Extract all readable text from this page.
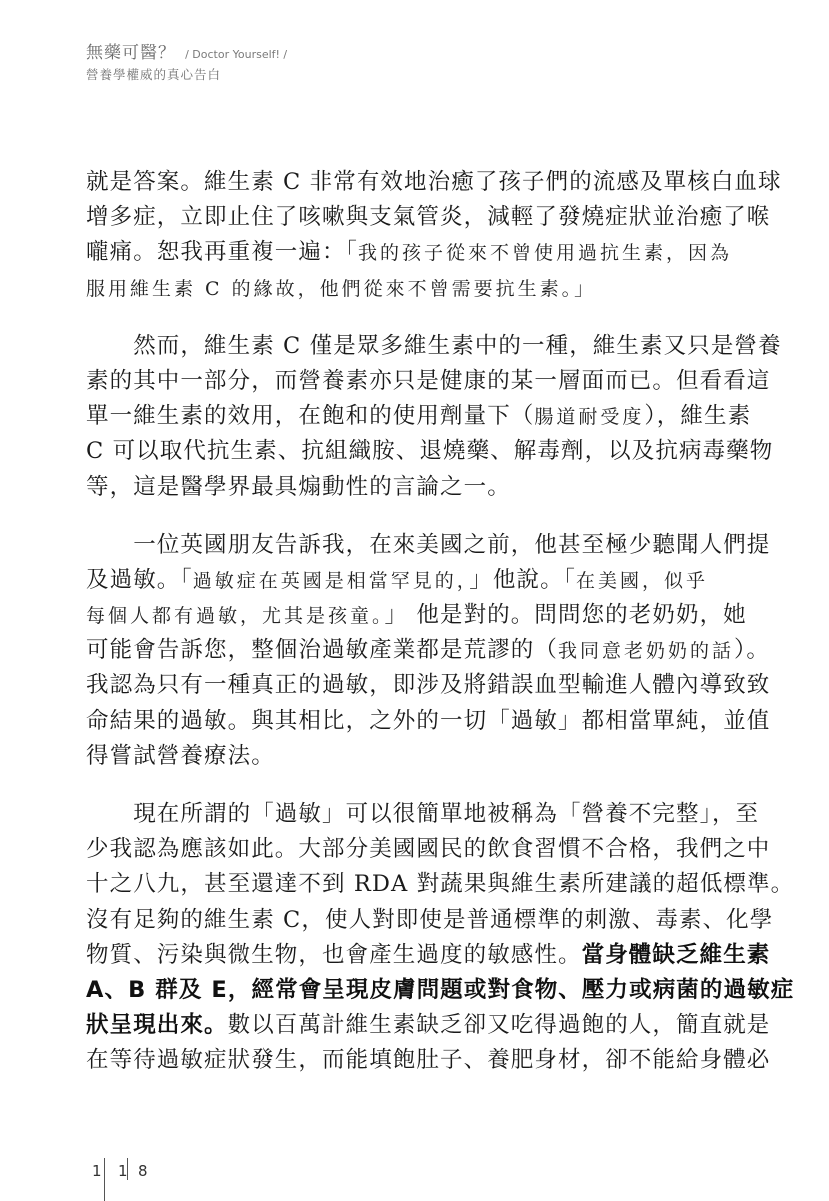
無藥可醫？ / Doctor Yourself! /
營養學權威的真心告白
就是答案。維生素 C 非常有效地治癒了孩子們的流感及單核白血球
增多症，立即止住了咳嗽與支氣管炎，減輕了發燒症狀並治癒了喉
嚨痛。恕我再重複一遍：「我的孩子從來不曾使用過抗生素，因為
服用維生素 C 的緣故，他們從來不曾需要抗生素。」
　　然而，維生素 C 僅是眾多維生素中的一種，維生素又只是營養
素的其中一部分，而營養素亦只是健康的某一層面而已。但看看這
單一維生素的效用，在飽和的使用劑量下（腸道耐受度），維生素
C 可以取代抗生素、抗組織胺、退燒藥、解毒劑，以及抗病毒藥物
等，這是醫學界最具煽動性的言論之一。
　　一位英國朋友告訴我，在來美國之前，他甚至極少聽聞人們提
及過敏。「過敏症在英國是相當罕見的，」他說。「在美國，似乎
每個人都有過敏，尤其是孩童。」 他是對的。問問您的老奶奶，她
可能會告訴您，整個治過敏產業都是荒謬的（我同意老奶奶的話）。
我認為只有一種真正的過敏，即涉及將錯誤血型輸進人體內導致致
命結果的過敏。與其相比，之外的一切「過敏」都相當單純，並值
得嘗試營養療法。
　　現在所謂的「過敏」可以很簡單地被稱為「營養不完整」，至
少我認為應該如此。大部分美國國民的飲食習慣不合格，我們之中
十之八九，甚至還達不到 RDA 對蔬果與維生素所建議的超低標準。
沒有足夠的維生素 C，使人對即使是普通標準的刺激、毒素、化學
物質、污染與微生物，也會產生過度的敏感性。當身體缺乏維生素
A、B 群及 E，經常會呈現皮膚問題或對食物、壓力或病菌的過敏症
狀呈現出來。數以百萬計維生素缺乏卻又吃得過飽的人，簡直就是
在等待過敏症狀發生，而能填飽肚子、養肥身材，卻不能給身體必
1 1 8
